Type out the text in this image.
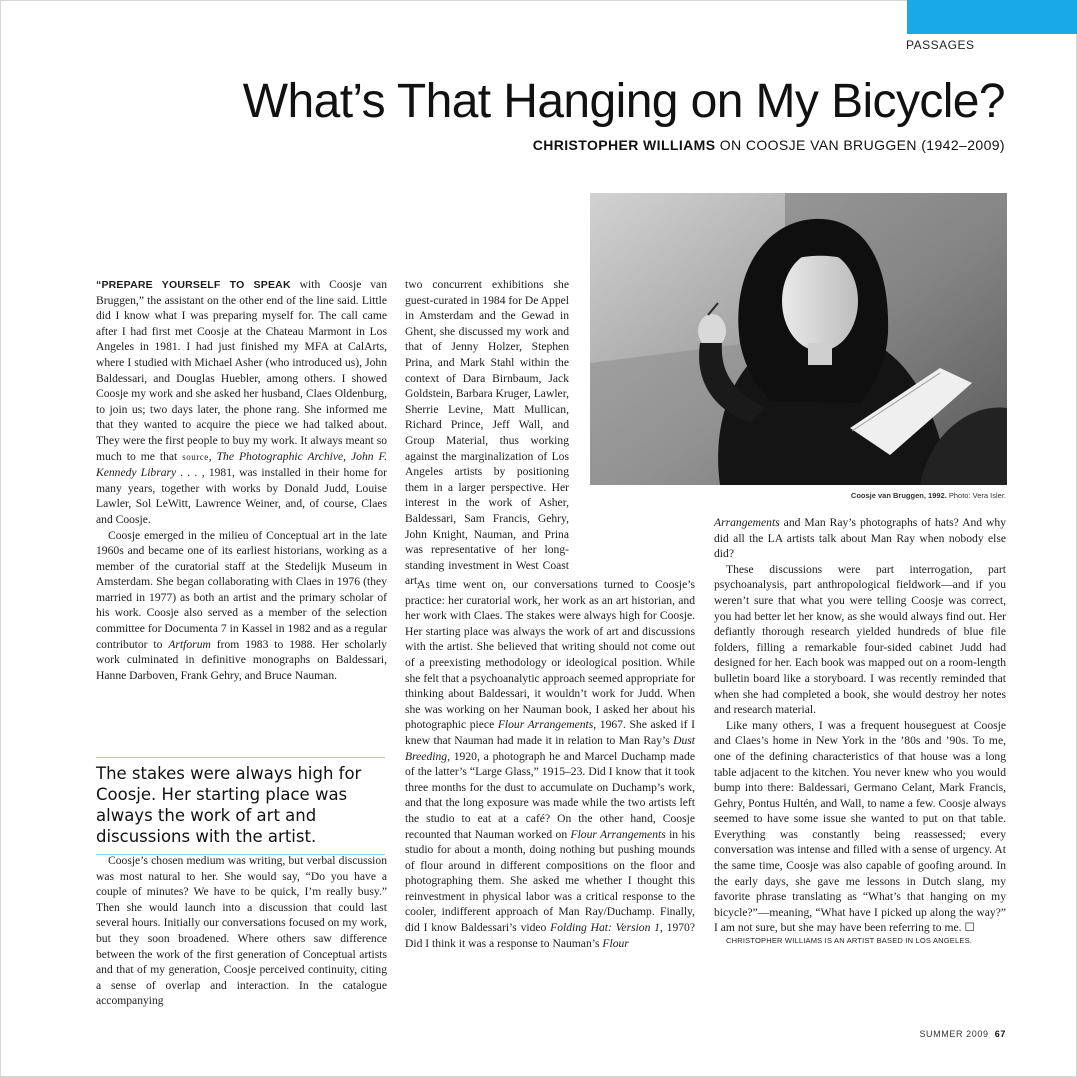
PASSAGES
What’s That Hanging on My Bicycle?
CHRISTOPHER WILLIAMS ON COOSJE VAN BRUGGEN (1942–2009)
Coosje van Bruggen, 1992. Photo: Vera Isler.

“PREPARE YOURSELF TO SPEAK with Coosje van Bruggen,” the assistant on the other end of the line said. Little did I know what I was preparing myself for. The call came after I had first met Coosje at the Chateau Marmont in Los Angeles in 1981. I had just finished my MFA at CalArts, where I studied with Michael Asher (who introduced us), John Baldessari, and Douglas Huebler, among others. I showed Coosje my work and she asked her husband, Claes Oldenburg, to join us; two days later, the phone rang. She informed me that they wanted to acquire the piece we had talked about. They were the first people to buy my work. It always meant so much to me that source, The Photographic Archive, John F. Kennedy Library . . . , 1981, was installed in their home for many years, together with works by Donald Judd, Louise Lawler, Sol LeWitt, Lawrence Weiner, and, of course, Claes and Coosje.

Coosje emerged in the milieu of Conceptual art in the late 1960s and became one of its earliest historians, working as a member of the curatorial staff at the Stedelijk Museum in Amsterdam. She began collaborating with Claes in 1976 (they married in 1977) as both an artist and the primary scholar of his work. Coosje also served as a member of the selection committee for Documenta 7 in Kassel in 1982 and as a regular contributor to Artforum from 1983 to 1988. Her scholarly work culminated in definitive monographs on Baldessari, Hanne Darboven, Frank Gehry, and Bruce Nauman.

The stakes were always high for Coosje. Her starting place was always the work of art and discussions with the artist.

Coosje’s chosen medium was writing, but verbal discussion was most natural to her. She would say, “Do you have a couple of minutes? We have to be quick, I’m really busy.” Then she would launch into a discussion that could last several hours. Initially our conversations focused on my work, but they soon broadened. Where others saw difference between the work of the first generation of Conceptual artists and that of my generation, Coosje perceived continuity, citing a sense of overlap and interaction. In the catalogue accompanying

two concurrent exhibitions she guest-curated in 1984 for De Appel in Amsterdam and the Gewad in Ghent, she discussed my work and that of Jenny Holzer, Stephen Prina, and Mark Stahl within the context of Dara Birnbaum, Jack Goldstein, Barbara Kruger, Lawler, Sherrie Levine, Matt Mullican, Richard Prince, Jeff Wall, and Group Material, thus working against the marginalization of Los Angeles artists by positioning them in a larger perspective. Her interest in the work of Asher, Baldessari, Sam Francis, Gehry, John Knight, Nauman, and Prina was representative of her long-standing investment in West Coast art.

As time went on, our conversations turned to Coosje’s practice: her curatorial work, her work as an art historian, and her work with Claes. The stakes were always high for Coosje. Her starting place was always the work of art and discussions with the artist. She believed that writing should not come out of a preexisting methodology or ideological position. While she felt that a psychoanalytic approach seemed appropriate for thinking about Baldessari, it wouldn’t work for Judd. When she was working on her Nauman book, I asked her about his photographic piece Flour Arrangements, 1967. She asked if I knew that Nauman had made it in relation to Man Ray’s Dust Breeding, 1920, a photograph he and Marcel Duchamp made of the latter’s “Large Glass,” 1915–23. Did I know that it took three months for the dust to accumulate on Duchamp’s work, and that the long exposure was made while the two artists left the studio to eat at a café? On the other hand, Coosje recounted that Nauman worked on Flour Arrangements in his studio for about a month, doing nothing but pushing mounds of flour around in different compositions on the floor and photographing them. She asked me whether I thought this reinvestment in physical labor was a critical response to the cooler, indifferent approach of Man Ray/Duchamp. Finally, did I know Baldessari’s video Folding Hat: Version 1, 1970? Did I think it was a response to Nauman’s Flour

Arrangements and Man Ray’s photographs of hats? And why did all the LA artists talk about Man Ray when nobody else did?

These discussions were part interrogation, part psychoanalysis, part anthropological fieldwork—and if you weren’t sure that what you were telling Coosje was correct, you had better let her know, as she would always find out. Her defiantly thorough research yielded hundreds of blue file folders, filling a remarkable four-sided cabinet Judd had designed for her. Each book was mapped out on a room-length bulletin board like a storyboard. I was recently reminded that when she had completed a book, she would destroy her notes and research material.

Like many others, I was a frequent houseguest at Coosje and Claes’s home in New York in the ’80s and ’90s. To me, one of the defining characteristics of that house was a long table adjacent to the kitchen. You never knew who you would bump into there: Baldessari, Germano Celant, Mark Francis, Gehry, Pontus Hultén, and Wall, to name a few. Coosje always seemed to have some issue she wanted to put on that table. Everything was constantly being reassessed; every conversation was intense and filled with a sense of urgency. At the same time, Coosje was also capable of goofing around. In the early days, she gave me lessons in Dutch slang, my favorite phrase translating as “What’s that hanging on my bicycle?”—meaning, “What have I picked up along the way?” I am not sure, but she may have been referring to me. ☐

CHRISTOPHER WILLIAMS IS AN ARTIST BASED IN LOS ANGELES.

SUMMER 2009 67
